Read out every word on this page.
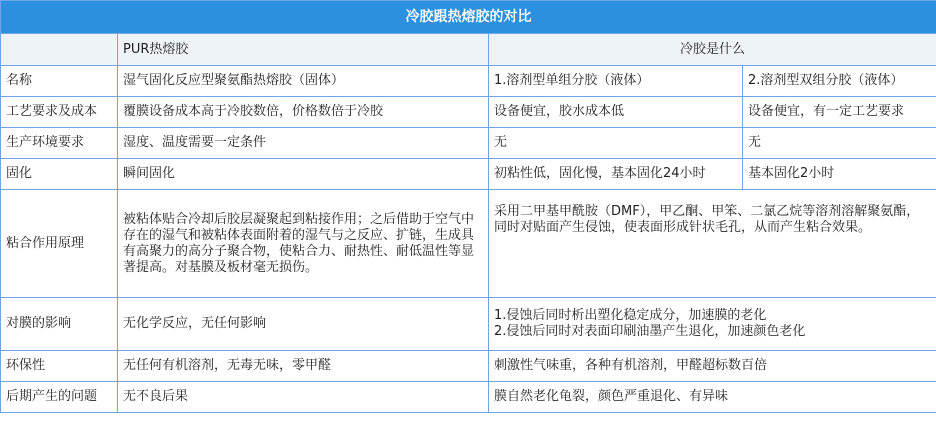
冷胶跟热熔胶的对比			
	PUR热熔胶	冷胶是什么	
名称	湿气固化反应型聚氨酯热熔胶（固体）	1.溶剂型单组分胶（液体）	2.溶剂型双组分胶（液体）
工艺要求及成本	覆膜设备成本高于冷胶数倍，价格数倍于冷胶	设备便宜，胶水成本低	设备便宜，有一定工艺要求
生产环境要求	湿度、温度需要一定条件	无	无
固化	瞬间固化	初粘性低，固化慢，基本固化24小时	基本固化2小时
粘合作用原理	被粘体贴合冷却后胶层凝聚起到粘接作用；之后借助于空气中存在的湿气和被粘体表面附着的湿气与之反应、扩链，生成具有高聚力的高分子聚合物，使粘合力、耐热性、耐低温性等显著提高。对基膜及板材毫无损伤。	采用二甲基甲酰胺（DMF），甲乙酮、甲笨、二氯乙烷等溶剂溶解聚氨酯，同时对贴面产生侵蚀，使表面形成针状毛孔，从而产生粘合效果。	
对膜的影响	无化学反应，无任何影响	1.侵蚀后同时析出塑化稳定成分，加速膜的老化
2.侵蚀后同时对表面印刷油墨产生退化，加速颜色老化	

环保性	无任何有机溶剂，无毒无味，零甲醛	刺激性气味重，各种有机溶剂，甲醛超标数百倍	
后期产生的问题	无不良后果	膜自然老化龟裂，颜色严重退化、有异味	
